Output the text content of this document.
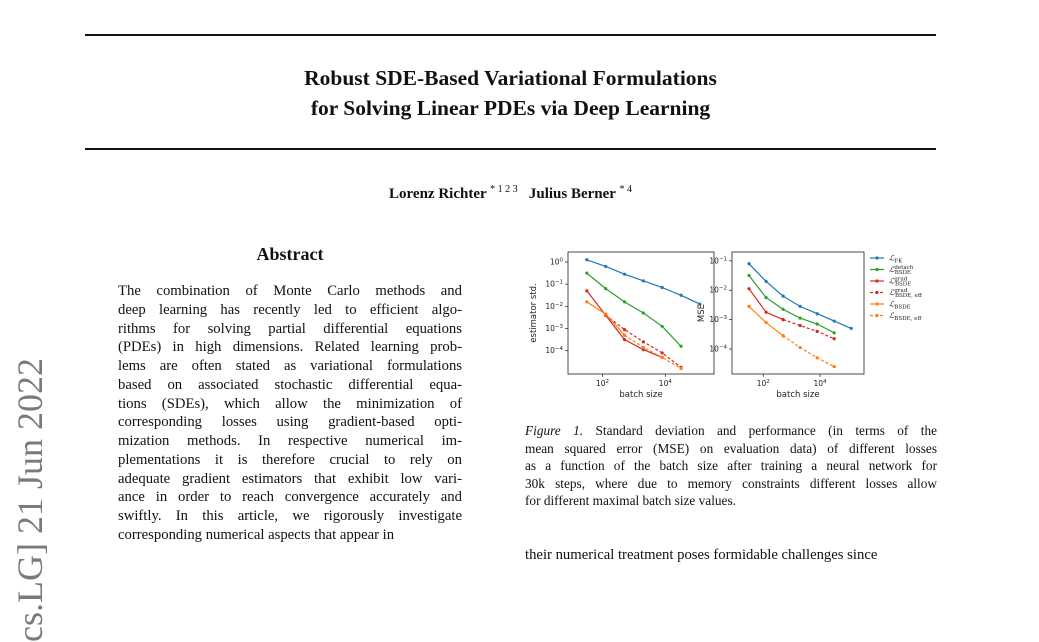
Robust SDE-Based Variational Formulations
for Solving Linear PDEs via Deep Learning
Lorenz Richter $^{* 1 2 3}$ Julius Berner $^{* 4}$
cs.LG] 21 Jun 2022
Abstract
The combination of Monte Carlo methods and
deep learning has recently led to efficient algo-
rithms for solving partial differential equations
(PDEs) in high dimensions. Related learning prob-
lems are often stated as variational formulations
based on associated stochastic differential equa-
tions (SDEs), which allow the minimization of
corresponding losses using gradient-based opti-
mization methods. In respective numerical im-
plementations it is therefore crucial to rely on
adequate gradient estimators that exhibit low vari-
ance in order to reach convergence accurately and
swiftly. In this article, we rigorously investigate
corresponding numerical aspects that appear in
$10^0$
$10^{-1}$
$10^{-2}$
$10^{-3}$
$10^{-4}$
$10^2$	$10^4$
batch size
estimator std.
$10^{-1}$
$10^{-2}$
$10^{-3}$
$10^{-4}$
$10^2$	$10^4$
batch size
MSE
ℒ$_{FK}$
ℒ$^{detach}$ BSDE
ℒ$^{grad}$ BSDE
ℒ$^{grad}$ BSDE, eff
ℒ$_{BSDE}$
ℒ$_{BSDE, eff}$
Figure 1. Standard deviation and performance (in terms of the
mean squared error (MSE) on evaluation data) of different losses
as a function of the batch size after training a neural network for
30k steps, where due to memory constraints different losses allow
for different maximal batch size values.
their numerical treatment poses formidable challenges since
